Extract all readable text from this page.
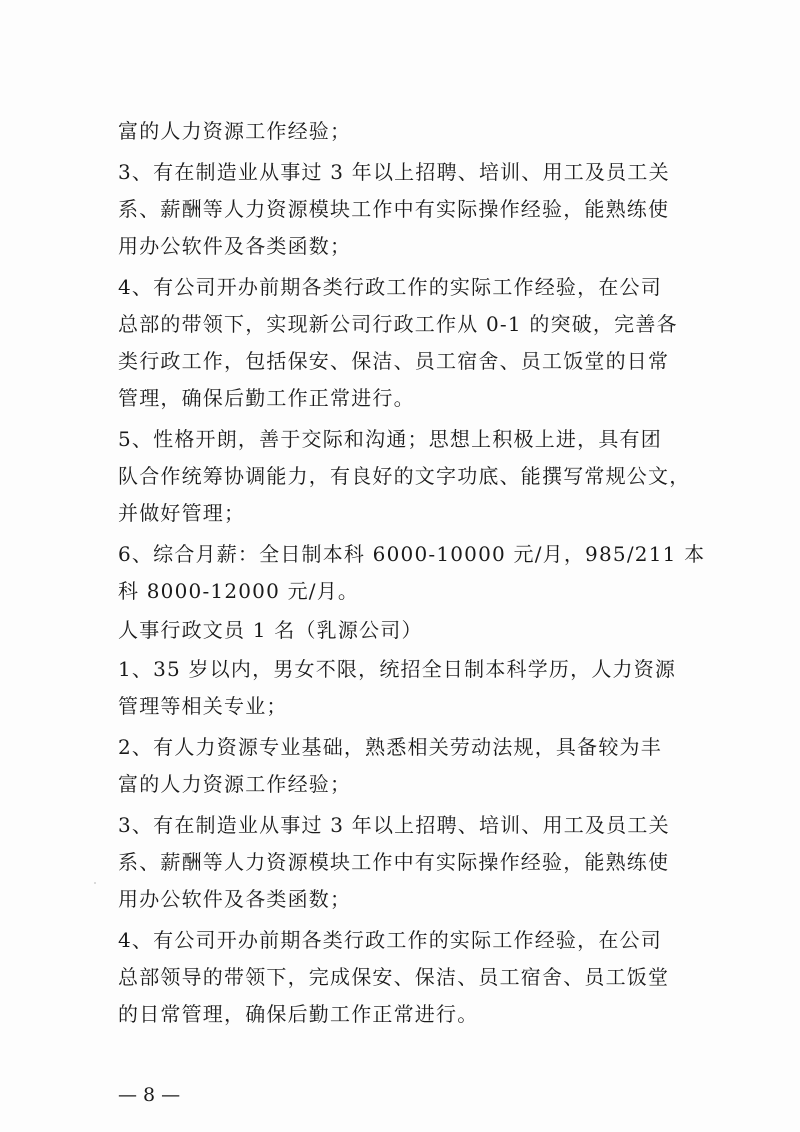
富的人力资源工作经验；
3、有在制造业从事过 3 年以上招聘、培训、用工及员工关
系、薪酬等人力资源模块工作中有实际操作经验，能熟练使
用办公软件及各类函数；
4、有公司开办前期各类行政工作的实际工作经验，在公司
总部的带领下，实现新公司行政工作从 0-1 的突破，完善各
类行政工作，包括保安、保洁、员工宿舍、员工饭堂的日常
管理，确保后勤工作正常进行。
5、性格开朗，善于交际和沟通；思想上积极上进，具有团
队合作统筹协调能力，有良好的文字功底、能撰写常规公文，
并做好管理；
6、综合月薪：全日制本科 6000-10000 元/月，985/211 本
科 8000-12000 元/月。
人事行政文员 1 名（乳源公司）
1、35 岁以内，男女不限，统招全日制本科学历，人力资源
管理等相关专业；
2、有人力资源专业基础，熟悉相关劳动法规，具备较为丰
富的人力资源工作经验；
3、有在制造业从事过 3 年以上招聘、培训、用工及员工关
系、薪酬等人力资源模块工作中有实际操作经验，能熟练使
用办公软件及各类函数；
4、有公司开办前期各类行政工作的实际工作经验，在公司
总部领导的带领下，完成保安、保洁、员工宿舍、员工饭堂
的日常管理，确保后勤工作正常进行。
— 8 —
